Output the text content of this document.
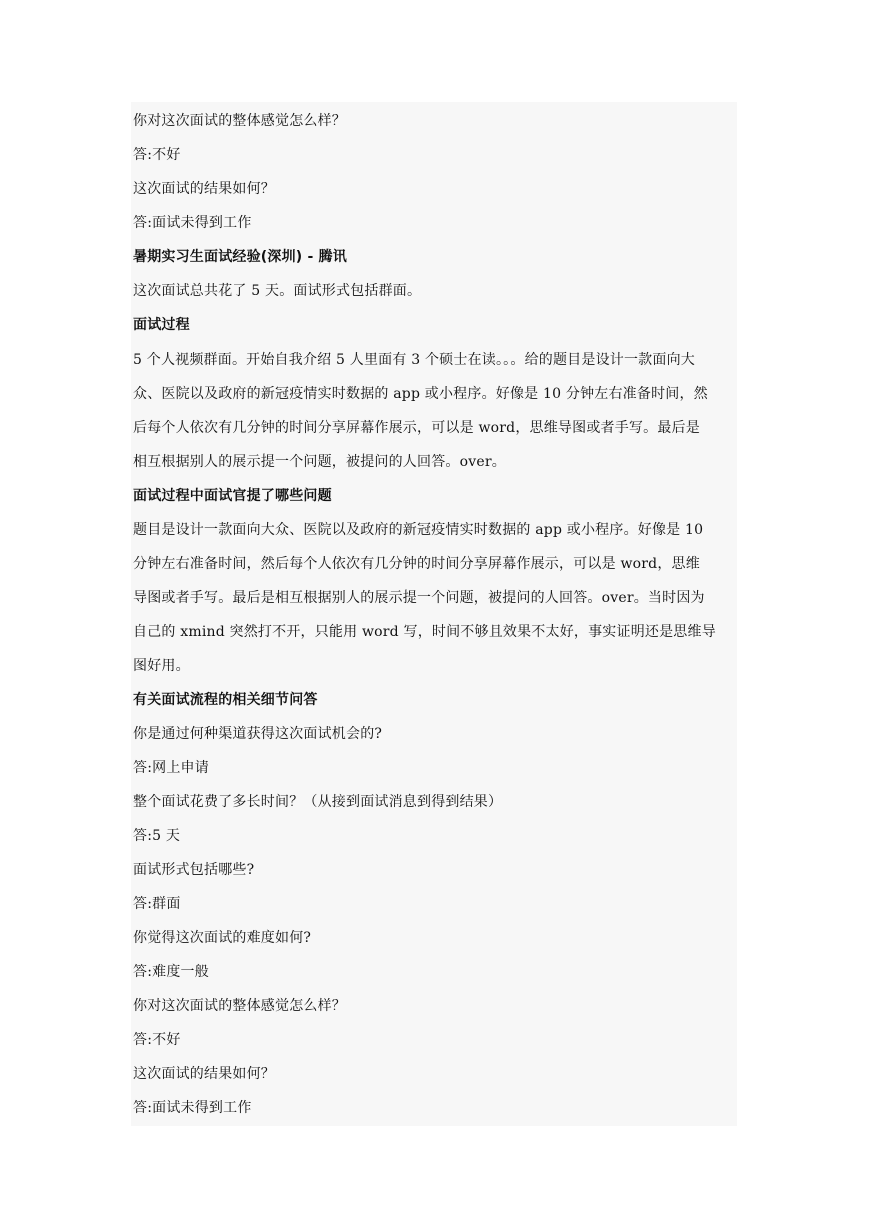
你对这次面试的整体感觉怎么样？

答:不好

这次面试的结果如何？

答:面试未得到工作

暑期实习生面试经验(深圳) - 腾讯

这次面试总共花了 5 天。面试形式包括群面。

面试过程

5 个人视频群面。开始自我介绍 5 人里面有 3 个硕士在读。。。给的题目是设计一款面向大

众、医院以及政府的新冠疫情实时数据的 app 或小程序。好像是 10 分钟左右准备时间，然

后每个人依次有几分钟的时间分享屏幕作展示，可以是 word，思维导图或者手写。最后是

相互根据别人的展示提一个问题，被提问的人回答。over。

面试过程中面试官提了哪些问题

题目是设计一款面向大众、医院以及政府的新冠疫情实时数据的 app 或小程序。好像是 10

分钟左右准备时间，然后每个人依次有几分钟的时间分享屏幕作展示，可以是 word，思维

导图或者手写。最后是相互根据别人的展示提一个问题，被提问的人回答。over。当时因为

自己的 xmind 突然打不开，只能用 word 写，时间不够且效果不太好，事实证明还是思维导

图好用。

有关面试流程的相关细节问答

你是通过何种渠道获得这次面试机会的?

答:网上申请

整个面试花费了多长时间？（从接到面试消息到得到结果）

答:5 天

面试形式包括哪些?

答:群面

你觉得这次面试的难度如何?

答:难度一般

你对这次面试的整体感觉怎么样？

答:不好

这次面试的结果如何？

答:面试未得到工作
